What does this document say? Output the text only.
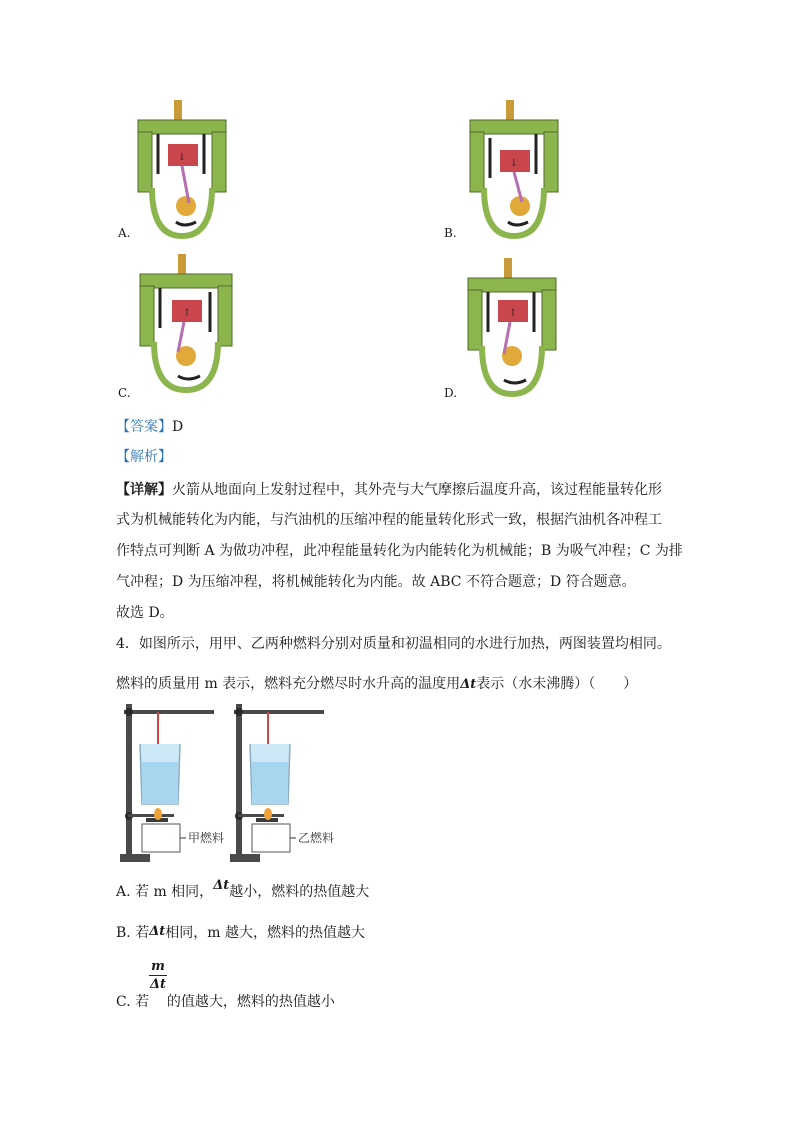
A.
↓
B.
↓
C.
↑
D.
↑
【答案】D
【解析】
【详解】火箭从地面向上发射过程中，其外壳与大气摩擦后温度升高，该过程能量转化形
式为机械能转化为内能，与汽油机的压缩冲程的能量转化形式一致，根据汽油机各冲程工
作特点可判断 A 为做功冲程，此冲程能量转化为内能转化为机械能；B 为吸气冲程；C 为排
气冲程；D 为压缩冲程，将机械能转化为内能。故 ABC 不符合题意；D 符合题意。
故选 D。
4．如图所示，用甲、乙两种燃料分别对质量和初温相同的水进行加热，两图装置均相同。
燃料的质量用 m 表示，燃料充分燃尽时水升高的温度用Δt表示（水未沸腾）（　　）
甲燃料	乙燃料
A. 若 m 相同，Δt越小，燃料的热值越大
B. 若Δt相同，m 越大，燃料的热值越大
C. 若
$\frac{m}{\Delta t}$
的值越大，燃料的热值越小
